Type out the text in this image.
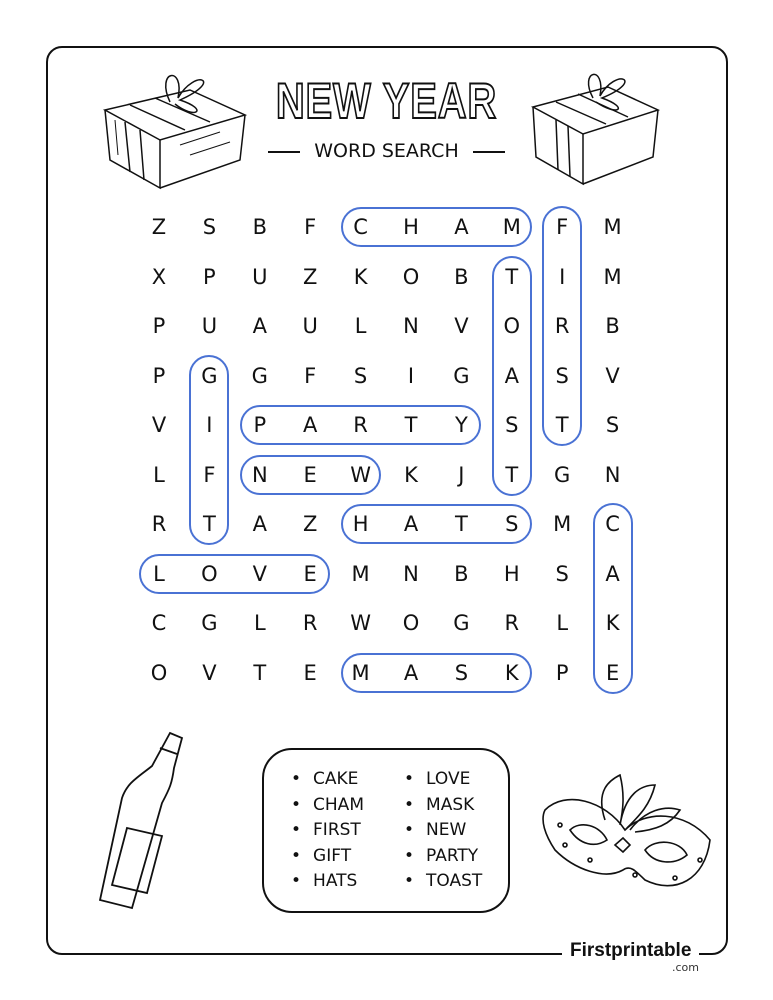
NEW YEAR
WORD SEARCH
Z	S	B	F	C	H	A	M	F	M
X	P	U	Z	K	O	B	T	I	M
P	U	A	U	L	N	V	O	R	B
P	G	G	F	S	I	G	A	S	V
V	I	P	A	R	T	Y	S	T	S
L	F	N	E	W	K	J	T	G	N
R	T	A	Z	H	A	T	S	M	C
L	O	V	E	M	N	B	H	S	A
C	G	L	R	W	O	G	R	L	K
O	V	T	E	M	A	S	K	P	E
• CAKE
• CHAM
• FIRST
• GIFT
• HATS
• LOVE
• MASK
• NEW
• PARTY
• TOAST
Firstprintable
.com
